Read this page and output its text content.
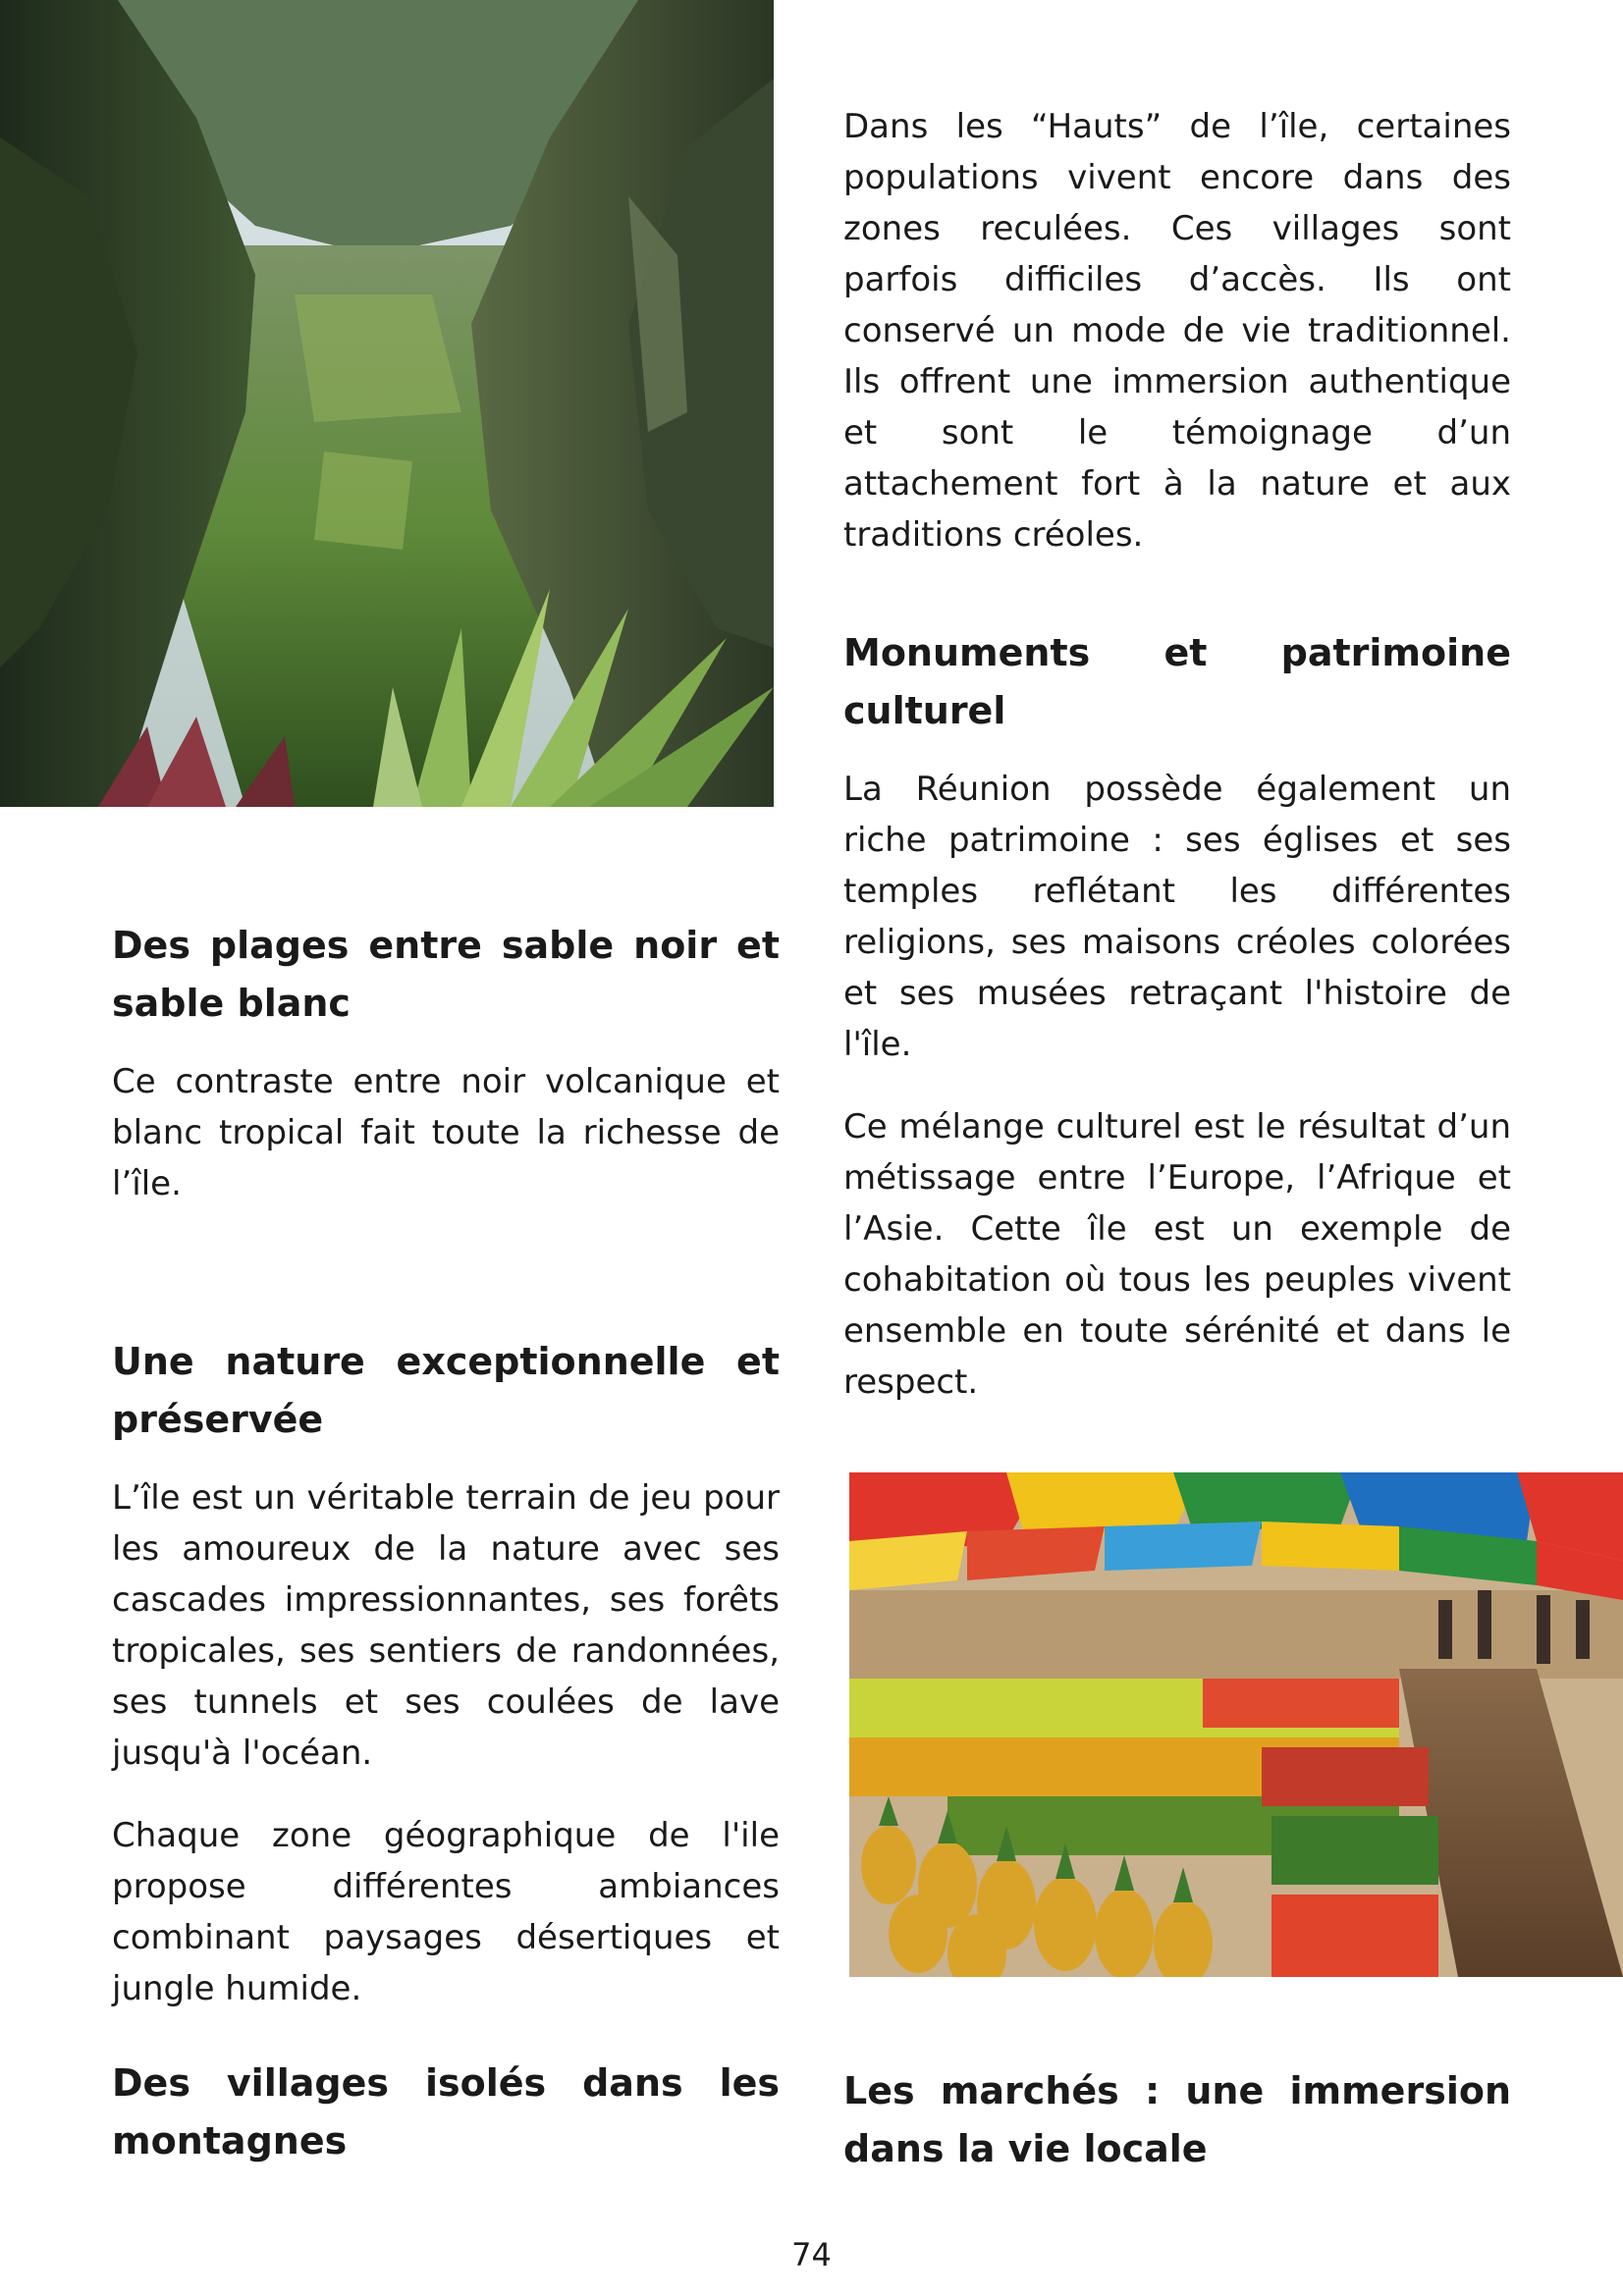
Dans les “Hauts” de l’île, certaines populations vivent encore dans des zones reculées. Ces villages sont parfois difficiles d’accès. Ils ont conservé un mode de vie traditionnel. Ils offrent une immersion authentique et sont le témoignage d’un attachement fort à la nature et aux traditions créoles.

Monuments et patrimoine culturel

La Réunion possède également un riche patrimoine : ses églises et ses temples reflétant les différentes religions, ses maisons créoles colorées et ses musées retraçant l'histoire de l'île.

Ce mélange culturel est le résultat d’un métissage entre l’Europe, l’Afrique et l’Asie. Cette île est un exemple de cohabitation où tous les peuples vivent ensemble en toute sérénité et dans le respect.

Des plages entre sable noir et sable blanc

Ce contraste entre noir volcanique et blanc tropical fait toute la richesse de l’île.

Une nature exceptionnelle et préservée

L’île est un véritable terrain de jeu pour les amoureux de la nature avec ses cascades impressionnantes, ses forêts tropicales, ses sentiers de randonnées, ses tunnels et ses coulées de lave jusqu'à l'océan.

Chaque zone géographique de l'ile propose différentes ambiances combinant paysages désertiques et jungle humide.

Des villages isolés dans les montagnes
Les marchés : une immersion dans la vie locale
74
